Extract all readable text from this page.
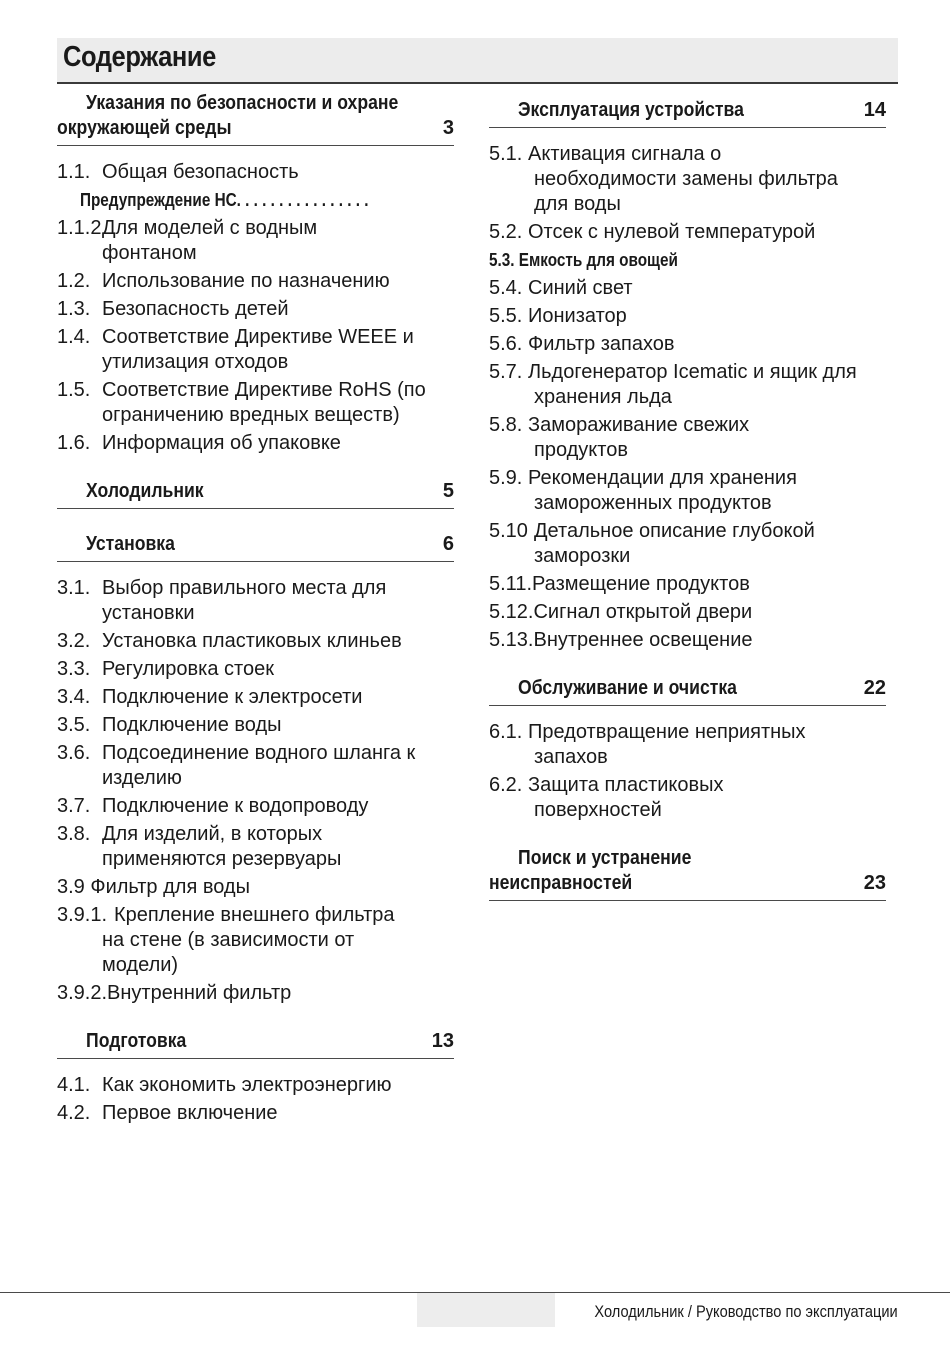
Содержание
Указания по безопасности и охране
окружающей среды	3
1.1. Общая безопасность
Предупреждение НС. . . . . . . . . . . . . . . .
1.1.2 Для моделей с водным
фонтаном
1.2. Использование по назначению
1.3. Безопасность детей
1.4. Соответствие Директиве WEEE и
утилизация отходов
1.5. Соответствие Директиве RoHS (по
ограничению вредных веществ)
1.6. Информация об упаковке
Холодильник	5
Установка	6
3.1. Выбор правильного места для
установки
3.2. Установка пластиковых клиньев
3.3. Регулировка стоек
3.4. Подключение к электросети
3.5. Подключение воды
3.6. Подсоединение водного шланга к
изделию
3.7. Подключение к водопроводу
3.8. Для изделий, в которых
применяются резервуары
3.9 Фильтр для воды
3.9.1. Крепление внешнего фильтра
на стене (в зависимости от
модели)
3.9.2.Внутренний фильтр
Подготовка	13
4.1. Как экономить электроэнергию
4.2. Первое включение
Эксплуатация устройства	14
5.1. Активация сигнала о
необходимости замены фильтра
для воды
5.2. Отсек с нулевой температурой
5.3. Емкость для овощей
5.4. Синий свет
5.5. Ионизатор
5.6. Фильтр запахов
5.7. Льдогенератор Icematic и ящик для
хранения льда
5.8. Замораживание свежих
продуктов
5.9. Рекомендации для хранения
замороженных продуктов
5.10 Детальное описание глубокой
заморозки
5.11.Размещение продуктов
5.12.Сигнал открытой двери
5.13.Внутреннее освещение
Обслуживание и очистка	22
6.1. Предотвращение неприятных
запахов
6.2. Защита пластиковых
поверхностей
Поиск и устранение
неисправностей	23
Холодильник / Руководство по эксплуатации
